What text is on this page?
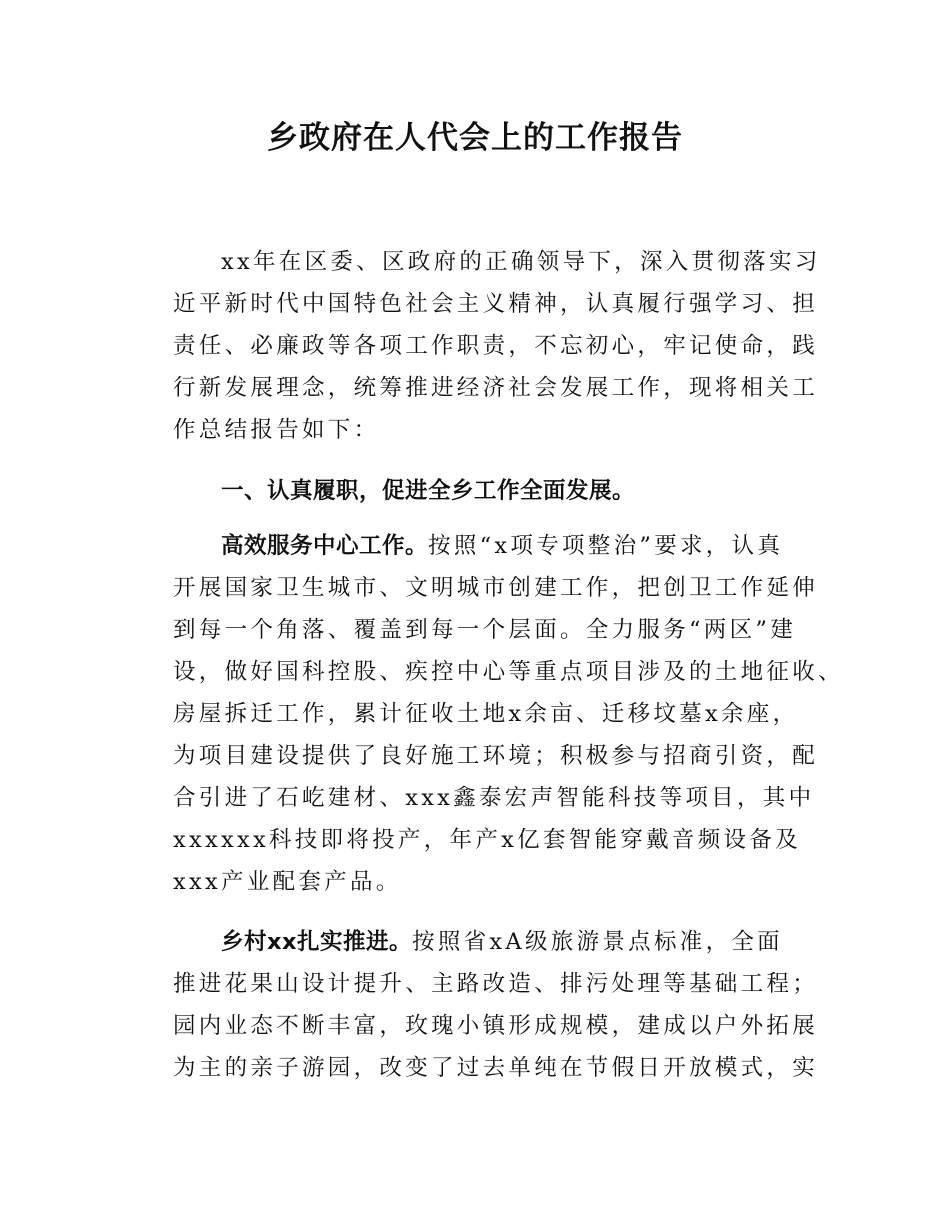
乡政府在人代会上的工作报告
xx年在区委、区政府的正确领导下，深入贯彻落实习
近平新时代中国特色社会主义精神，认真履行强学习、担
责任、必廉政等各项工作职责，不忘初心，牢记使命，践
行新发展理念，统筹推进经济社会发展工作，现将相关工
作总结报告如下：
一、认真履职，促进全乡工作全面发展。
高效服务中心工作。按照“x项专项整治”要求，认真
开展国家卫生城市、文明城市创建工作，把创卫工作延伸
到每一个角落、覆盖到每一个层面。全力服务“两区”建
设，做好国科控股、疾控中心等重点项目涉及的土地征收、
房屋拆迁工作，累计征收土地x余亩、迁移坟墓x余座，
为项目建设提供了良好施工环境；积极参与招商引资，配
合引进了石屹建材、xxx鑫泰宏声智能科技等项目，其中
xxxxxx科技即将投产，年产x亿套智能穿戴音频设备及
xxx产业配套产品。
乡村xx扎实推进。按照省xA级旅游景点标准，全面
推进花果山设计提升、主路改造、排污处理等基础工程；
园内业态不断丰富，玫瑰小镇形成规模，建成以户外拓展
为主的亲子游园，改变了过去单纯在节假日开放模式，实
